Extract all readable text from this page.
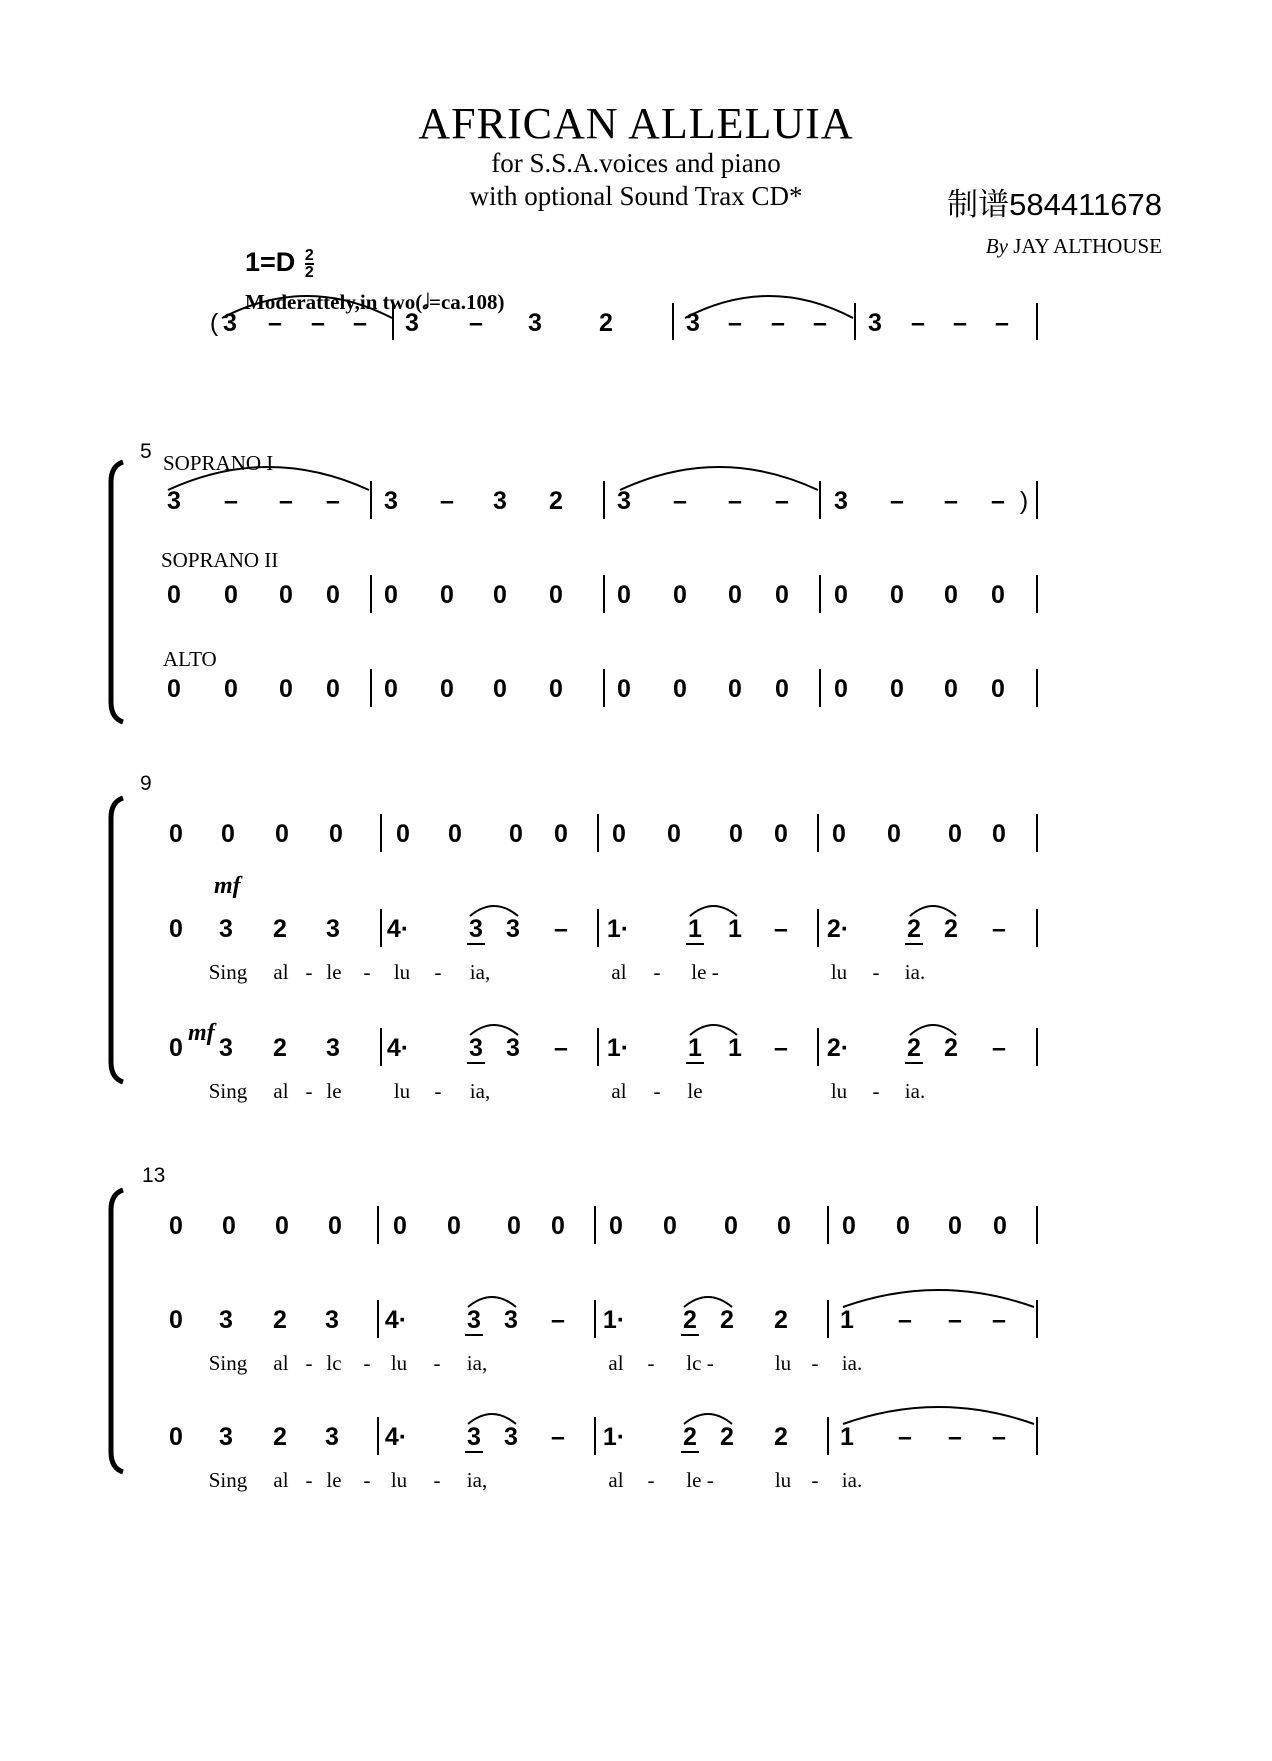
AFRICAN ALLELUIA
for S.S.A.voices and piano
with optional Sound Trax CD*	制谱584411678
By JAY ALTHOUSE
$1=D \frac{2}{2}$
Moderattely,in two(𝅗𝅥=ca.108)
( 3 – – – 3 – 3 2	3 – – – 3 – – –
5 SOPRANO I
3 – – – 3 – 3 2 3 – – – 3 – – –
SOPRANO II
0 0 0 0 0 0 0 0 0 0 0 0 0 0 0 0
ALTO
0 0 0 0 0 0 0 0 0 0 0 0 0 0 0 0
)
9
0 0 0 0 0 0 0 0 0 0 0 0 0 0 0 0
0 3 2 3 4· 3 3 – 1· 1 1 – 2· 2 2 –
0 3 2 3 4· 3 3 – 1· 1 1 – 2· 2 2 –
mf
mf
Sing al - le - lu - ia,	al - le -	lu - ia.
Sing al - le lu - ia,	al - le	lu - ia.
13
0 0 0 0 0 0 0 0 0 0 0 0 0 0 0 0
0 3 2 3 4· 3 3 – 1· 2 2 2 1 – – –
0 3 2 3 4· 3 3 – 1· 2 2 2 1 – – –
Sing al - lc - lu - ia,	al - lc -	lu - ia.
Sing al - le - lu - ia,	al - le -	lu - ia.
